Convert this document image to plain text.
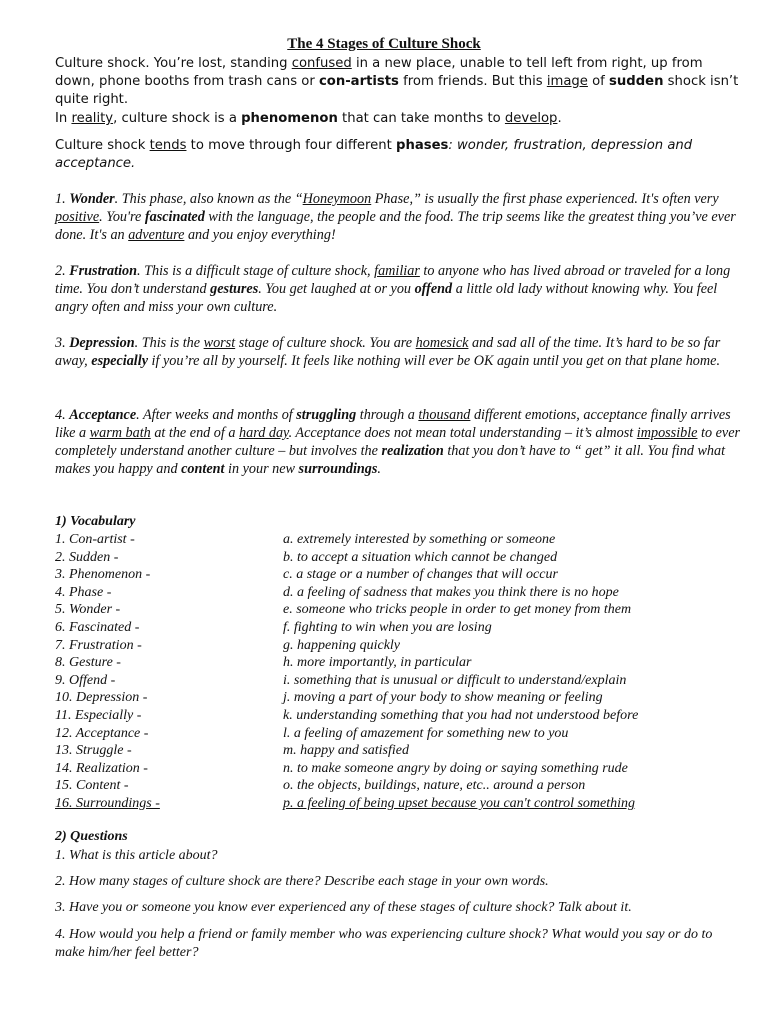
The 4 Stages of Culture Shock
Culture shock. You’re lost, standing confused in a new place, unable to tell left from right, up from down, phone booths from trash cans or con-artists from friends. But this image of sudden shock isn’t quite right.
In reality, culture shock is a phenomenon that can take months to develop.
Culture shock tends to move through four different phases: wonder, frustration, depression and acceptance.
1. Wonder. This phase, also known as the “Honeymoon Phase,” is usually the first phase experienced. It's often very positive. You're fascinated with the language, the people and the food. The trip seems like the greatest thing you’ve ever done. It's an adventure and you enjoy everything!
2. Frustration. This is a difficult stage of culture shock, familiar to anyone who has lived abroad or traveled for a long time. You don’t understand gestures. You get laughed at or you offend a little old lady without knowing why. You feel angry often and miss your own culture.
3. Depression. This is the worst stage of culture shock. You are homesick and sad all of the time. It’s hard to be so far away, especially if you’re all by yourself. It feels like nothing will ever be OK again until you get on that plane home.
4. Acceptance. After weeks and months of struggling through a thousand different emotions, acceptance finally arrives like a warm bath at the end of a hard day. Acceptance does not mean total understanding – it’s almost impossible to ever completely understand another culture – but involves the realization that you don’t have to “ get” it all. You find what makes you happy and content in your new surroundings.
1) Vocabulary
1. Con-artist -	a. extremely interested by something or someone
2. Sudden -	b. to accept a situation which cannot be changed
3. Phenomenon -	c. a stage or a number of changes that will occur
4. Phase -	d. a feeling of sadness that makes you think there is no hope
5. Wonder -	e. someone who tricks people in order to get money from them
6. Fascinated -	f. fighting to win when you are losing
7. Frustration -	g. happening quickly
8. Gesture -	h. more importantly, in particular
9. Offend -	i. something that is unusual or difficult to understand/explain
10. Depression -	j. moving a part of your body to show meaning or feeling
11. Especially -	k. understanding something that you had not understood before
12. Acceptance -	l. a feeling of amazement for something new to you
13. Struggle -	m. happy and satisfied
14. Realization -	n. to make someone angry by doing or saying something rude
15. Content -	o. the objects, buildings, nature, etc.. around a person
16. Surroundings -	p. a feeling of being upset because you can't control something
2) Questions
1. What is this article about?
2. How many stages of culture shock are there? Describe each stage in your own words.
3. Have you or someone you know ever experienced any of these stages of culture shock? Talk about it.
4. How would you help a friend or family member who was experiencing culture shock? What would you say or do to make him/her feel better?
